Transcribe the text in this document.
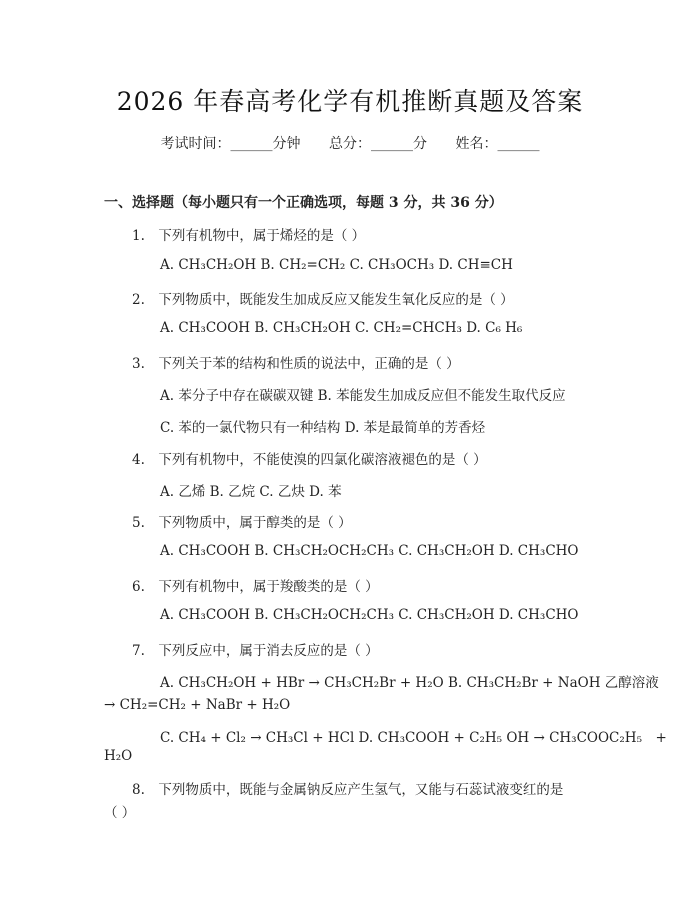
2026 年春高考化学有机推断真题及答案
考试时间：______分钟 总分：______分 姓名：______
一、选择题（每小题只有一个正确选项，每题 3 分，共 36 分）
1.　下列有机物中，属于烯烃的是（ ）
A. CH₃CH₂OH B. CH₂=CH₂ C. CH₃OCH₃ D. CH≡CH
2.　下列物质中，既能发生加成反应又能发生氧化反应的是（ ）
A. CH₃COOH B. CH₃CH₂OH C. CH₂=CHCH₃ D. C₆ H₆
3.　下列关于苯的结构和性质的说法中，正确的是（ ）
A. 苯分子中存在碳碳双键 B. 苯能发生加成反应但不能发生取代反应
C. 苯的一氯代物只有一种结构 D. 苯是最简单的芳香烃
4.　下列有机物中，不能使溴的四氯化碳溶液褪色的是（ ）
A. 乙烯 B. 乙烷 C. 乙炔 D. 苯
5.　下列物质中，属于醇类的是（ ）
A. CH₃COOH B. CH₃CH₂OCH₂CH₃ C. CH₃CH₂OH D. CH₃CHO
6.　下列有机物中，属于羧酸类的是（ ）
A. CH₃COOH B. CH₃CH₂OCH₂CH₃ C. CH₃CH₂OH D. CH₃CHO
7.　下列反应中，属于消去反应的是（ ）
A. CH₃CH₂OH + HBr → CH₃CH₂Br + H₂O B. CH₃CH₂Br + NaOH 乙醇溶液
→ CH₂=CH₂ + NaBr + H₂O
C. CH₄ + Cl₂ → CH₃Cl + HCl D. CH₃COOH + C₂H₅ OH → CH₃COOC₂H₅　+
H₂O
8.　下列物质中，既能与金属钠反应产生氢气，又能与石蕊试液变红的是
（ ）
